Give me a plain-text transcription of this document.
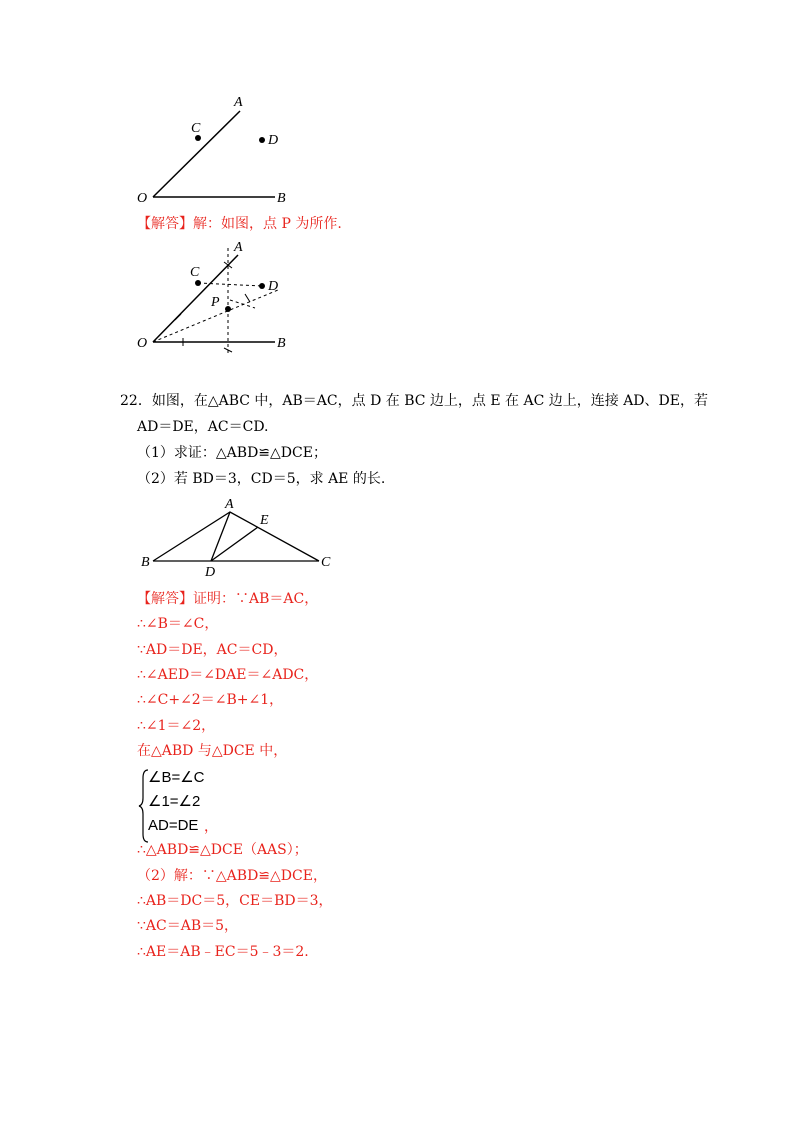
A
C
D
O	B
【解答】解：如图，点 P 为所作.
A
C
D
P
O	B
22．如图，在△ABC 中，AB＝AC，点 D 在 BC 边上，点 E 在 AC 边上，连接 AD、DE，若
AD＝DE，AC＝CD.
（1）求证：△ABD≌△DCE；
（2）若 BD＝3，CD＝5，求 AE 的长.
A
E
B
D
C
【解答】证明：∵AB＝AC，
∴∠B＝∠C，
∵AD＝DE，AC＝CD，
∴∠AED＝∠DAE＝∠ADC，
∴∠C+∠2＝∠B+∠1，
∴∠1＝∠2，
在△ABD 与△DCE 中，
∠B=∠C
∠1=∠2
AD=DE ，
∴△ABD≌△DCE（AAS）；
（2）解：∵△ABD≌△DCE，
∴AB＝DC＝5，CE＝BD＝3，
∵AC＝AB＝5，
∴AE＝AB﹣EC＝5﹣3＝2.
